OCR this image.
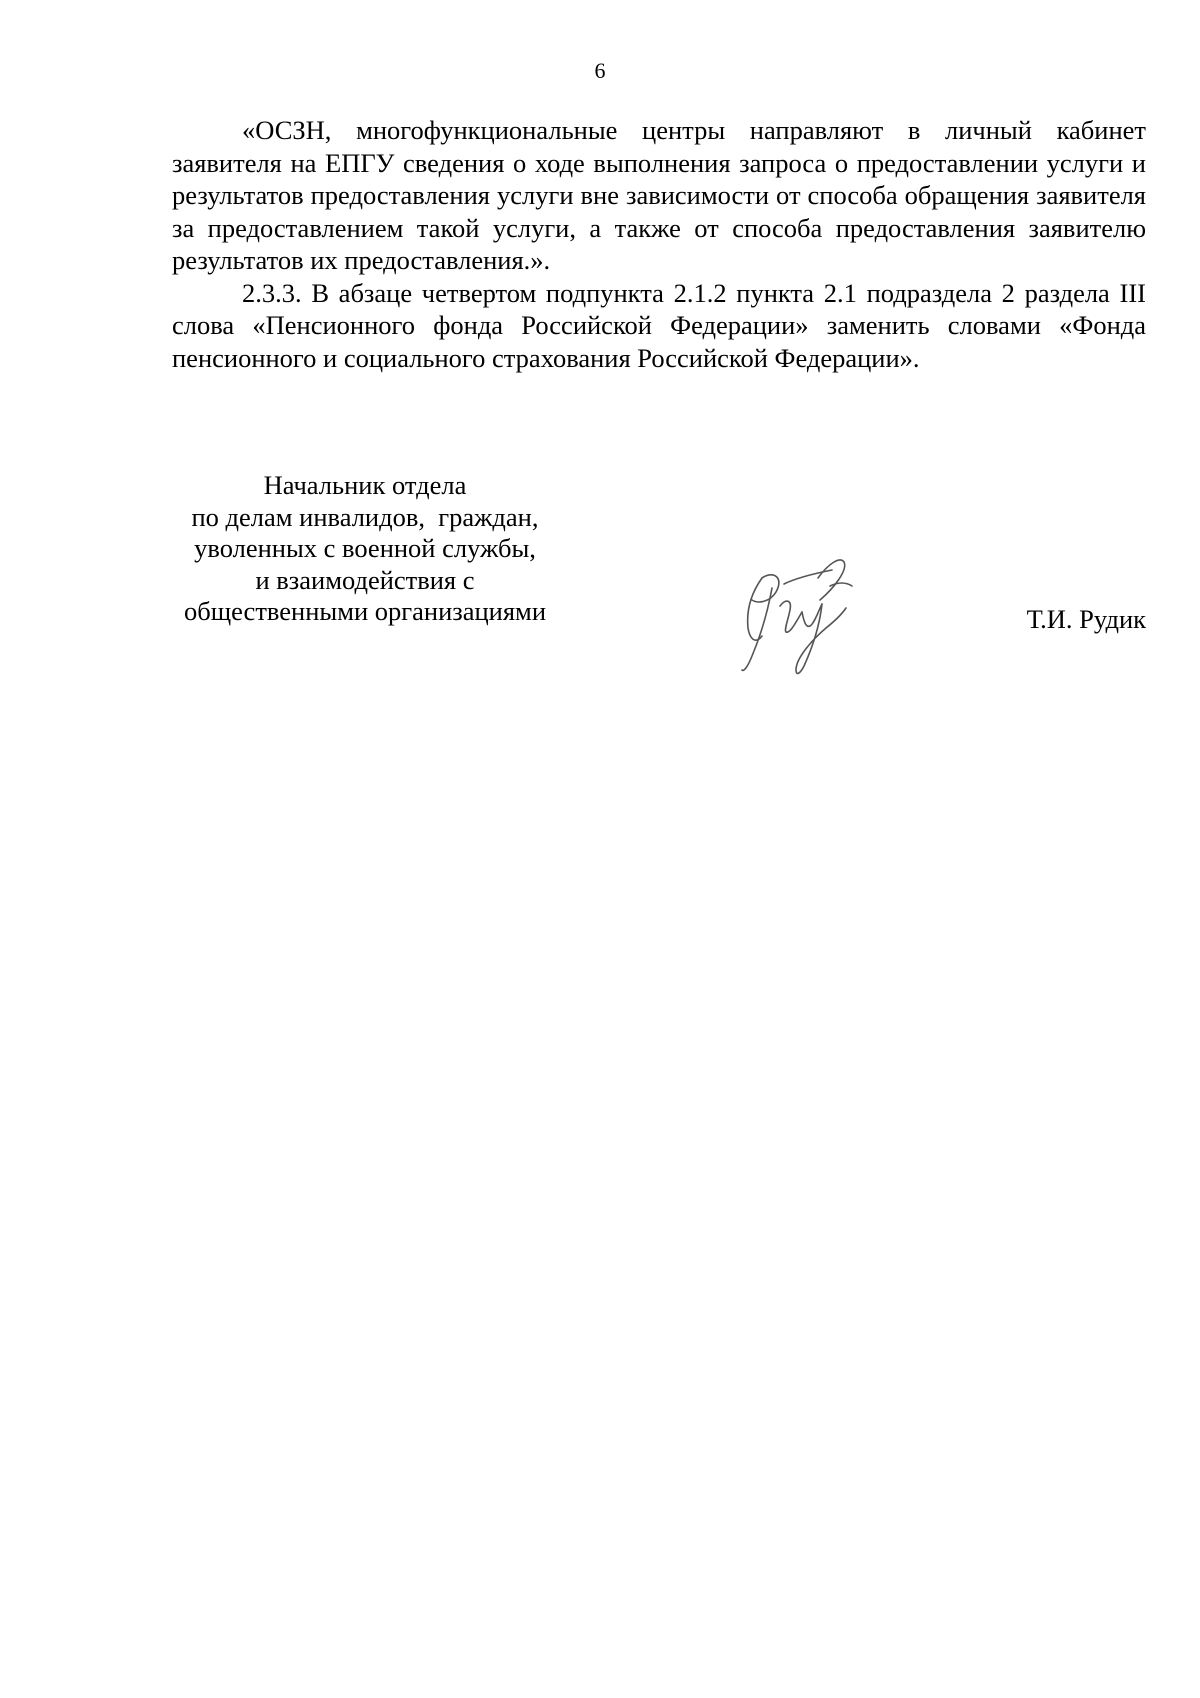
6

«ОСЗН, многофункциональные центры направляют в личный кабинет заявителя на ЕПГУ сведения о ходе выполнения запроса о предоставлении услуги и результатов предоставления услуги вне зависимости от способа обращения заявителя за предоставлением такой услуги, а также от способа предоставления заявителю результатов их предоставления.».

2.3.3. В абзаце четвертом подпункта 2.1.2 пункта 2.1 подраздела 2 раздела III слова «Пенсионного фонда Российской Федерации» заменить словами «Фонда пенсионного и социального страхования Российской Федерации».

Начальник отдела
по делам инвалидов,  граждан,
уволенных с военной службы,
и взаимодействия с
общественными организациями	Т.И. Рудик
